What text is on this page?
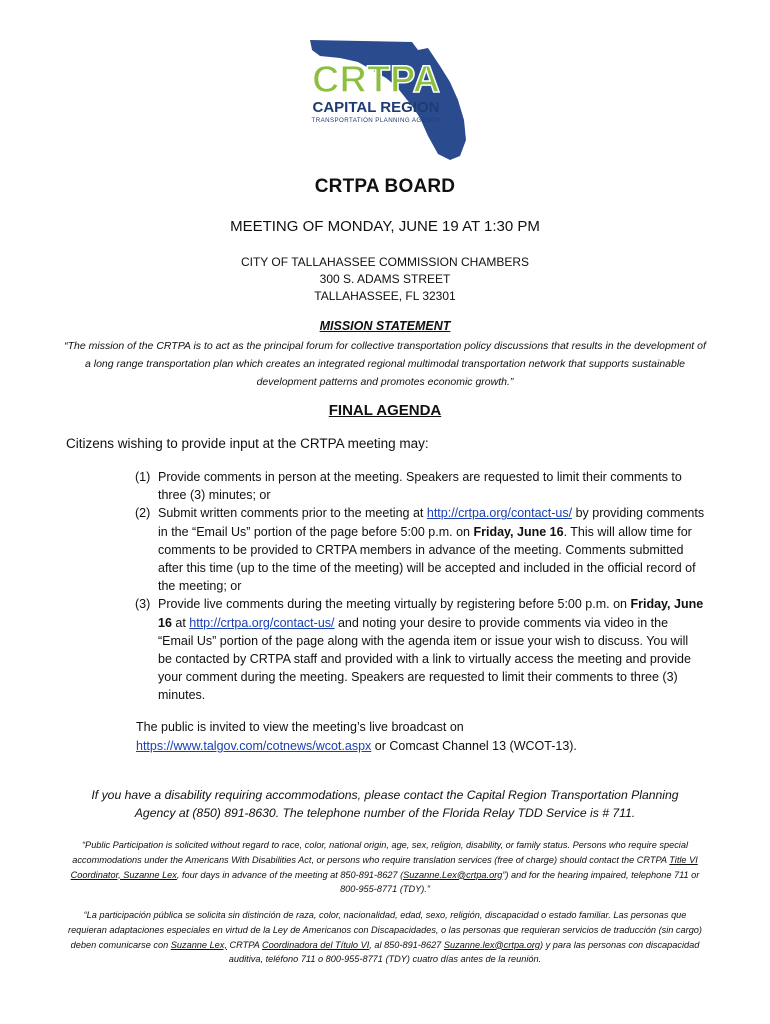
CRTPA
CAPITAL REGION
TRANSPORTATION PLANNING AGENCY
CRTPA BOARD
MEETING OF MONDAY, JUNE 19 AT 1:30 PM
CITY OF TALLAHASSEE COMMISSION CHAMBERS
300 S. ADAMS STREET
TALLAHASSEE, FL 32301
MISSION STATEMENT
“The mission of the CRTPA is to act as the principal forum for collective transportation policy discussions that results in the development of a long range transportation plan which creates an integrated regional multimodal transportation network that supports sustainable development patterns and promotes economic growth.”
FINAL AGENDA
Citizens wishing to provide input at the CRTPA meeting may:
(1) Provide comments in person at the meeting. Speakers are requested to limit their comments to three (3) minutes; or
(2) Submit written comments prior to the meeting at http://crtpa.org/contact-us/ by providing comments in the “Email Us” portion of the page before 5:00 p.m. on Friday, June 16. This will allow time for comments to be provided to CRTPA members in advance of the meeting. Comments submitted after this time (up to the time of the meeting) will be accepted and included in the official record of the meeting; or
(3) Provide live comments during the meeting virtually by registering before 5:00 p.m. on Friday, June 16 at http://crtpa.org/contact-us/ and noting your desire to provide comments via video in the “Email Us” portion of the page along with the agenda item or issue your wish to discuss. You will be contacted by CRTPA staff and provided with a link to virtually access the meeting and provide your comment during the meeting. Speakers are requested to limit their comments to three (3) minutes.
The public is invited to view the meeting’s live broadcast on
https://www.talgov.com/cotnews/wcot.aspx or Comcast Channel 13 (WCOT-13).
If you have a disability requiring accommodations, please contact the Capital Region Transportation Planning Agency at (850) 891-8630. The telephone number of the Florida Relay TDD Service is # 711.
“Public Participation is solicited without regard to race, color, national origin, age, sex, religion, disability, or family status. Persons who require special accommodations under the Americans With Disabilities Act, or persons who require translation services (free of charge) should contact the CRTPA Title VI Coordinator, Suzanne Lex, four days in advance of the meeting at 850-891-8627 (Suzanne.Lex@crtpa.org”) and for the hearing impaired, telephone 711 or 800-955-8771 (TDY).”
“La participación pública se solicita sin distinción de raza, color, nacionalidad, edad, sexo, religión, discapacidad o estado familiar. Las personas que requieran adaptaciones especiales en virtud de la Ley de Americanos con Discapacidades, o las personas que requieran servicios de traducción (sin cargo) deben comunicarse con Suzanne Lex, CRTPA Coordinadora del Título VI, al 850-891-8627 Suzanne.lex@crtpa.org) y para las personas con discapacidad auditiva, teléfono 711 o 800-955-8771 (TDY) cuatro días antes de la reunión.
